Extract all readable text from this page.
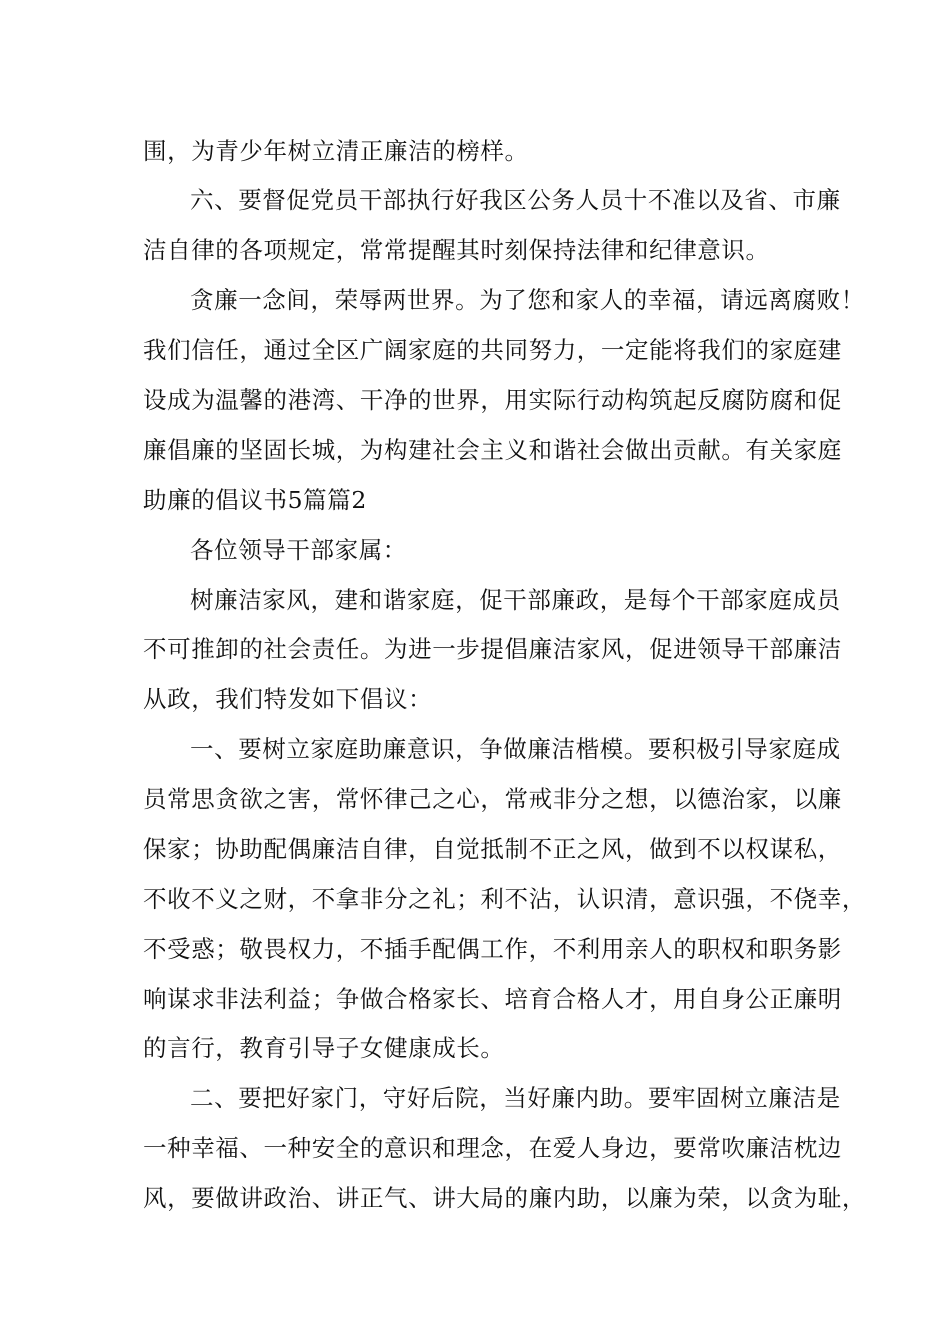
围，为青少年树立清正廉洁的榜样。

六、要督促党员干部执行好我区公务人员十不准以及省、市廉

洁自律的各项规定，常常提醒其时刻保持法律和纪律意识。

贪廉一念间，荣辱两世界。为了您和家人的幸福，请远离腐败！

我们信任，通过全区广阔家庭的共同努力，一定能将我们的家庭建

设成为温馨的港湾、干净的世界，用实际行动构筑起反腐防腐和促

廉倡廉的坚固长城，为构建社会主义和谐社会做出贡献。有关家庭

助廉的倡议书5篇篇2

各位领导干部家属：

树廉洁家风，建和谐家庭，促干部廉政，是每个干部家庭成员

不可推卸的社会责任。为进一步提倡廉洁家风，促进领导干部廉洁

从政，我们特发如下倡议：

一、要树立家庭助廉意识，争做廉洁楷模。要积极引导家庭成

员常思贪欲之害，常怀律己之心，常戒非分之想，以德治家，以廉

保家；协助配偶廉洁自律，自觉抵制不正之风，做到不以权谋私，

不收不义之财，不拿非分之礼；利不沾，认识清，意识强，不侥幸，

不受惑；敬畏权力，不插手配偶工作，不利用亲人的职权和职务影

响谋求非法利益；争做合格家长、培育合格人才，用自身公正廉明

的言行，教育引导子女健康成长。

二、要把好家门，守好后院，当好廉内助。要牢固树立廉洁是

一种幸福、一种安全的意识和理念，在爱人身边，要常吹廉洁枕边

风，要做讲政治、讲正气、讲大局的廉内助，以廉为荣，以贪为耻，
